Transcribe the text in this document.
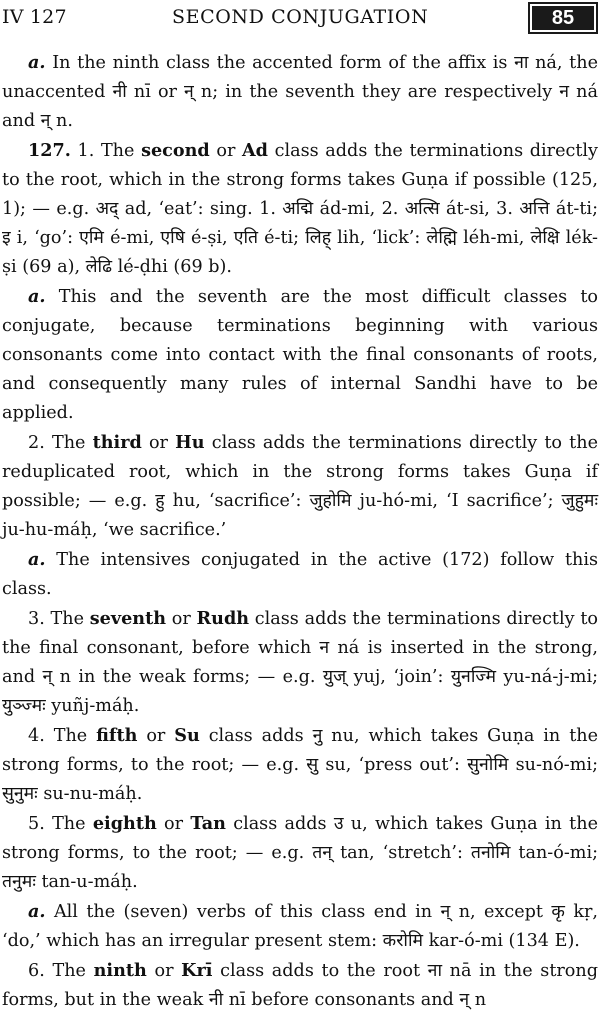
IV 127	SECOND CONJUGATION	85

a. In the ninth class the accented form of the affix is ना ná, the unaccented नी nī or न् n; in the seventh they are respectively न ná and न् n.

127. 1. The second or Ad class adds the terminations directly to the root, which in the strong forms takes Guṇa if possible (125, 1); — e.g. अद् ad, ‘eat’: sing. 1. अद्मि ád-mi, 2. अत्सि át-si, 3. अत्ति át-ti; इ i, ‘go’: एमि é-mi, एषि é-ṣi, एति é-ti; लिह् lih, ‘lick’: लेह्मि léh-mi, लेक्षि lék-ṣi (69 a), लेढि lé-ḍhi (69 b).

a. This and the seventh are the most difficult classes to conjugate, because terminations beginning with various consonants come into contact with the final consonants of roots, and consequently many rules of internal Sandhi have to be applied.

2. The third or Hu class adds the terminations directly to the reduplicated root, which in the strong forms takes Guṇa if possible; — e.g. हु hu, ‘sacrifice’: जुहोमि ju-hó-mi, ‘I sacrifice’; जुहुमः ju-hu-máḥ, ‘we sacrifice.’

a. The intensives conjugated in the active (172) follow this class.

3. The seventh or Rudh class adds the terminations directly to the final consonant, before which न ná is inserted in the strong, and न् n in the weak forms; — e.g. युज् yuj, ‘join’: युनज्मि yu-ná-j-mi; युञ्ज्मः yuñj-máḥ.

4. The fifth or Su class adds नु nu, which takes Guṇa in the strong forms, to the root; — e.g. सु su, ‘press out’: सुनोमि su-nó-mi; सुनुमः su-nu-máḥ.

5. The eighth or Tan class adds उ u, which takes Guṇa in the strong forms, to the root; — e.g. तन् tan, ‘stretch’: तनोमि tan-ó-mi; तनुमः tan-u-máḥ.

a. All the (seven) verbs of this class end in न् n, except कृ kṛ, ‘do,’ which has an irregular present stem: करोमि kar-ó-mi (134 E).

6. The ninth or Krī class adds to the root ना nā in the strong forms, but in the weak नी nī before consonants and न् n
